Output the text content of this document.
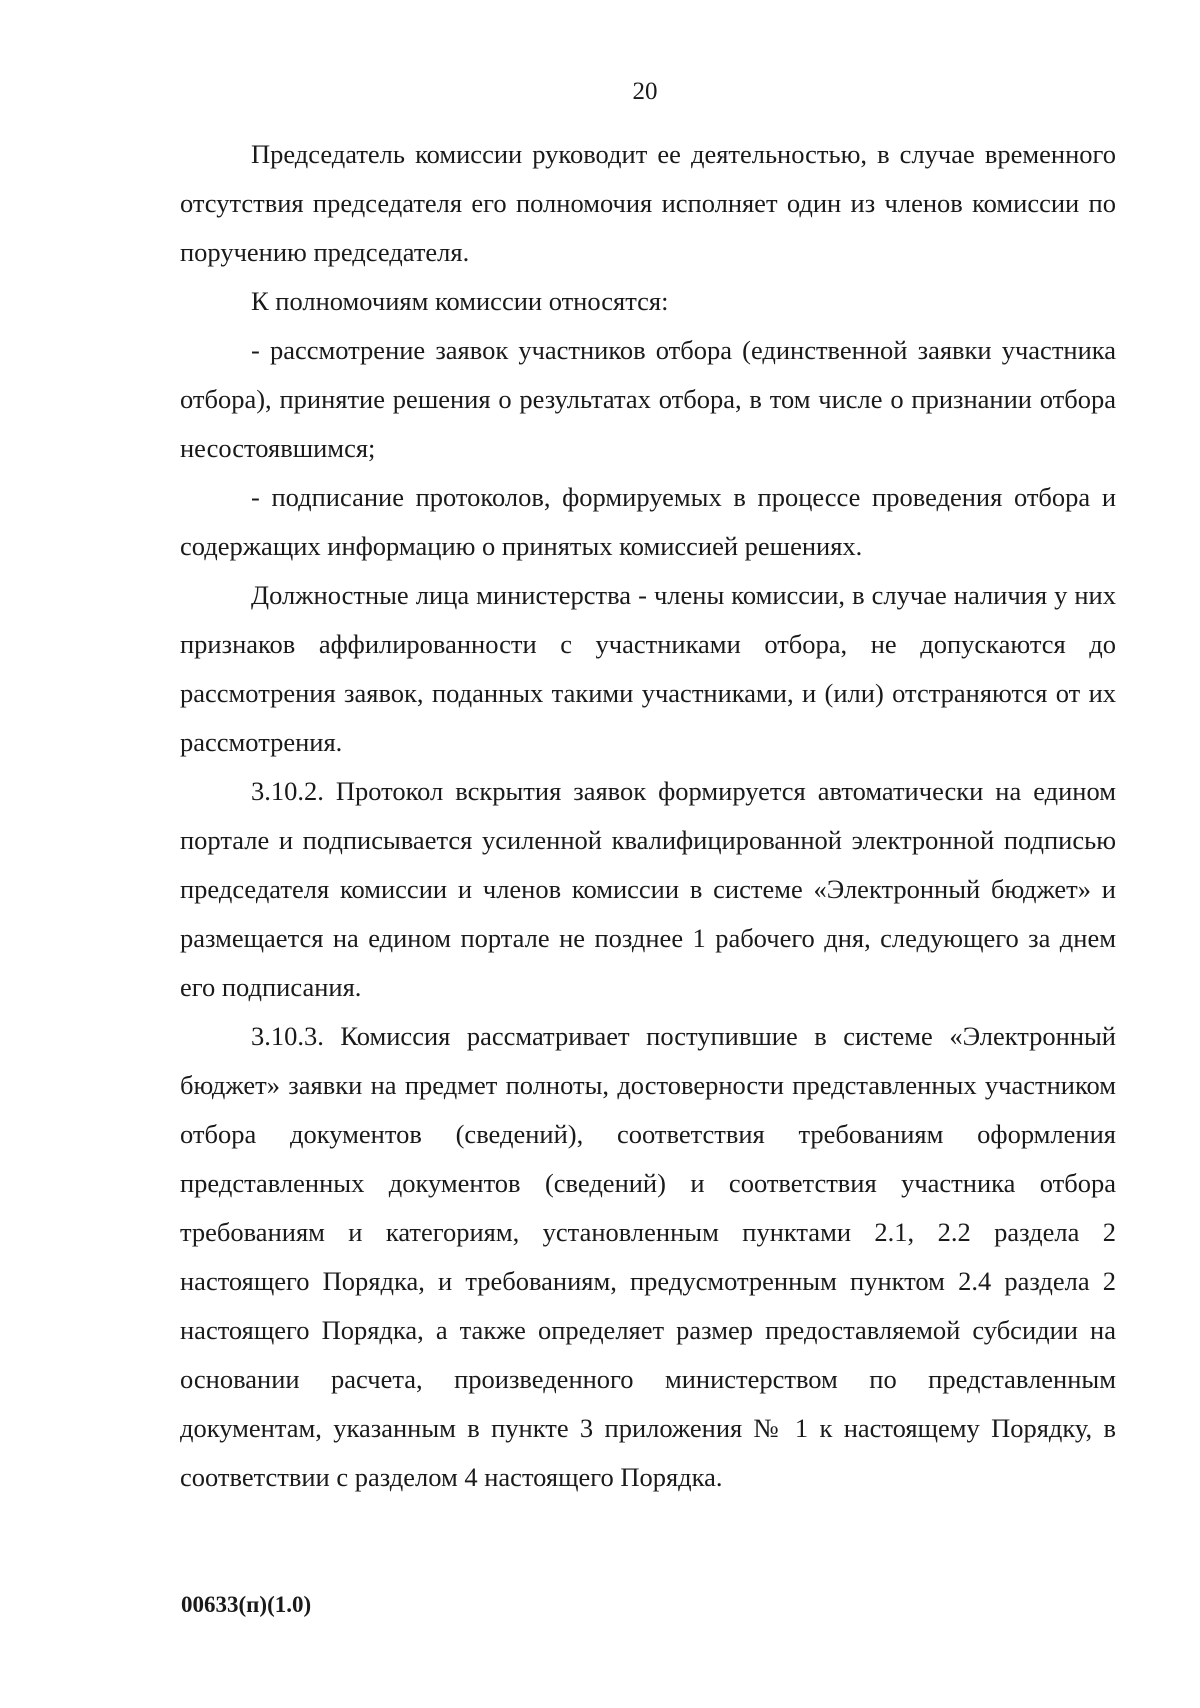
20

Председатель комиссии руководит ее деятельностью, в случае временного отсутствия председателя его полномочия исполняет один из членов комиссии по поручению председателя.

К полномочиям комиссии относятся:

- рассмотрение заявок участников отбора (единственной заявки участника отбора), принятие решения о результатах отбора, в том числе о признании отбора несостоявшимся;

- подписание протоколов, формируемых в процессе проведения отбора и содержащих информацию о принятых комиссией решениях.

Должностные лица министерства - члены комиссии, в случае наличия у них признаков аффилированности с участниками отбора, не допускаются до рассмотрения заявок, поданных такими участниками, и (или) отстраняются от их рассмотрения.

3.10.2. Протокол вскрытия заявок формируется автоматически на едином портале и подписывается усиленной квалифицированной электронной подписью председателя комиссии и членов комиссии в системе «Электронный бюджет» и размещается на едином портале не позднее 1 рабочего дня, следующего за днем его подписания.

3.10.3. Комиссия рассматривает поступившие в системе «Электронный бюджет» заявки на предмет полноты, достоверности представленных участником отбора документов (сведений), соответствия требованиям оформления представленных документов (сведений) и соответствия участника отбора требованиям и категориям, установленным пунктами 2.1, 2.2 раздела 2 настоящего Порядка, и требованиям, предусмотренным пунктом 2.4 раздела 2 настоящего Порядка, а также определяет размер предоставляемой субсидии на основании расчета, произведенного министерством по представленным документам, указанным в пункте 3 приложения № 1 к настоящему Порядку, в соответствии с разделом 4 настоящего Порядка.

00633(п)(1.0)
